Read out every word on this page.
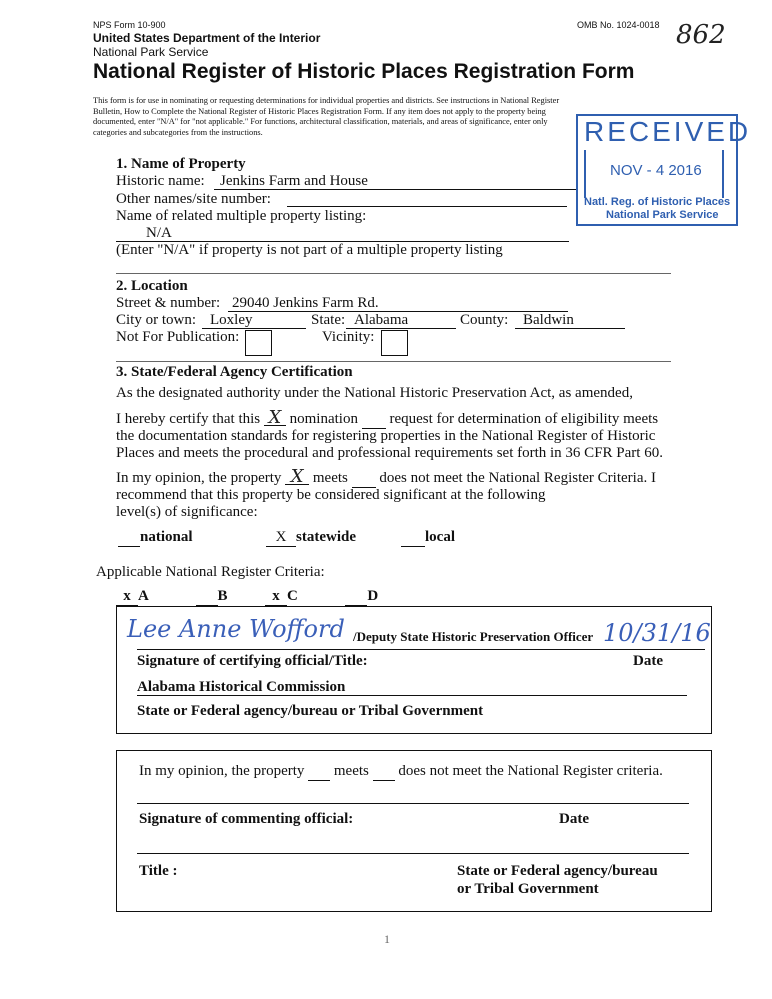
NPS Form 10-900	OMB No. 1024-0018 862
United States Department of the Interior
National Park Service
National Register of Historic Places Registration Form
This form is for use in nominating or requesting determinations for individual properties and districts. See instructions in National Register
Bulletin, How to Complete the National Register of Historic Places Registration Form. If any item does not apply to the property being
documented, enter "N/A" for "not applicable." For functions, architectural classification, materials, and areas of significance, enter only
categories and subcategories from the instructions.	RECEIVED
NOV - 4 2016
Natl. Reg. of Historic Places
National Park Service
1. Name of Property
Historic name: Jenkins Farm and House
Other names/site number:
Name of related multiple property listing:
N/A
(Enter "N/A" if property is not part of a multiple property listing
2. Location
Street & number: 29040 Jenkins Farm Rd.
City or town: Loxley	State: Alabama	County: Baldwin
Not For Publication:	Vicinity:
3. State/Federal Agency Certification
As the designated authority under the National Historic Preservation Act, as amended,
I hereby certify that this X nomination request for determination of eligibility meets
the documentation standards for registering properties in the National Register of Historic
Places and meets the procedural and professional requirements set forth in 36 CFR Part 60.
In my opinion, the property X meets does not meet the National Register Criteria. I
recommend that this property be considered significant at the following
level(s) of significance:
national	X statewide	local
Applicable National Register Criteria:
x A	B	x C	D
Lee Anne Wofford /Deputy State Historic Preservation Officer 10/31/16
Signature of certifying official/Title:	Date
Alabama Historical Commission
State or Federal agency/bureau or Tribal Government
In my opinion, the property meets does not meet the National Register criteria.
Signature of commenting official:	Date
Title :	State or Federal agency/bureau
or Tribal Government
1
